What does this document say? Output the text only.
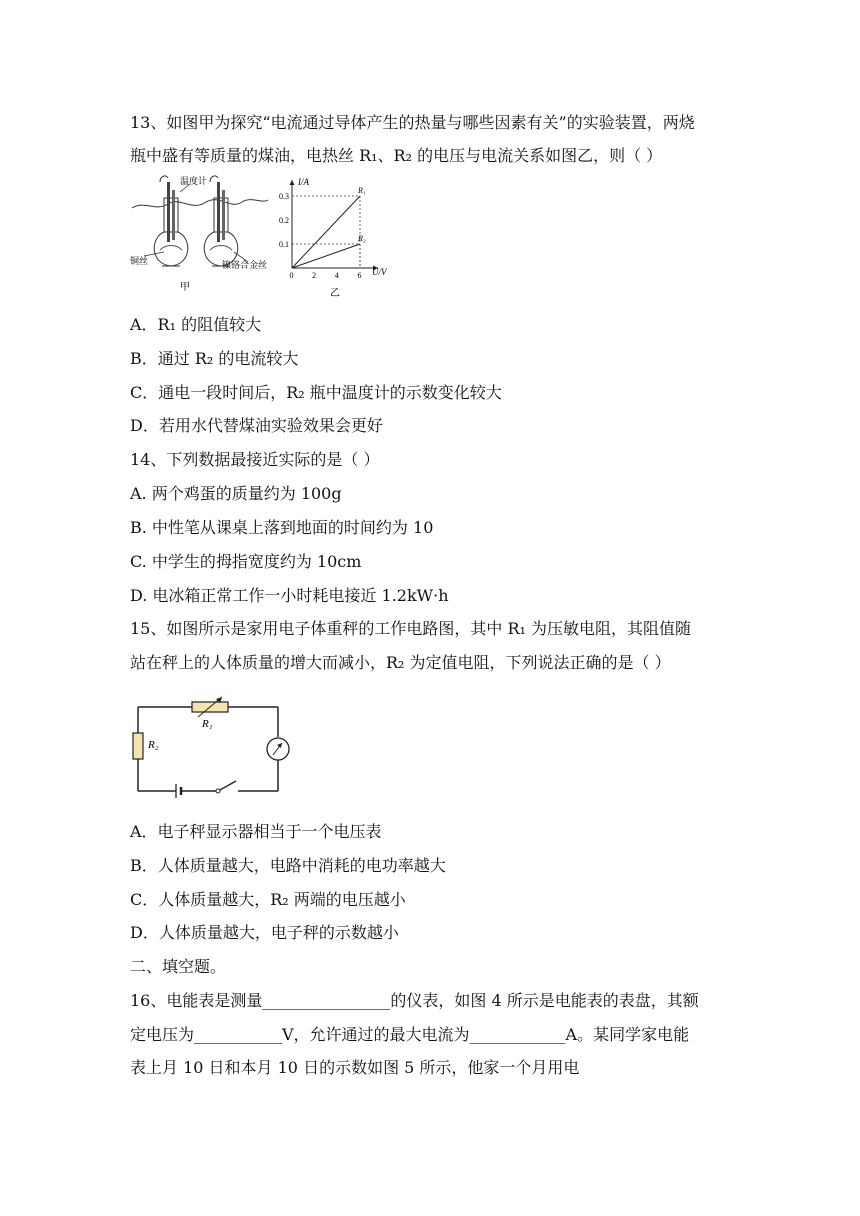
13、如图甲为探究“电流通过导体产生的热量与哪些因素有关”的实验装置，两烧
瓶中盛有等质量的煤油，电热丝 R₁、R₂ 的电压与电流关系如图乙，则（ ）
温度计
铜丝	镍铬合金丝
甲
0 2 4 6
0.1
0.2
0.3
R₁
R₂
I/A
U/V
乙
A．R₁ 的阻值较大
B．通过 R₂ 的电流较大
C．通电一段时间后，R₂ 瓶中温度计的示数变化较大
D．若用水代替煤油实验效果会更好
14、下列数据最接近实际的是（ ）
A. 两个鸡蛋的质量约为 100g
B. 中性笔从课桌上落到地面的时间约为 10
C. 中学生的拇指宽度约为 10cm
D. 电冰箱正常工作一小时耗电接近 1.2kW·h
15、如图所示是家用电子体重秤的工作电路图，其中 R₁ 为压敏电阻，其阻值随
站在秤上的人体质量的增大而减小，R₂ 为定值电阻，下列说法正确的是（ ）
R₁
R₂
A．电子秤显示器相当于一个电压表
B．人体质量越大，电路中消耗的电功率越大
C．人体质量越大，R₂ 两端的电压越小
D．人体质量越大，电子秤的示数越小
二、填空题。
16、电能表是测量________________的仪表，如图 4 所示是电能表的表盘，其额
定电压为___________V，允许通过的最大电流为____________A。某同学家电能
表上月 10 日和本月 10 日的示数如图 5 所示，他家一个月用电
